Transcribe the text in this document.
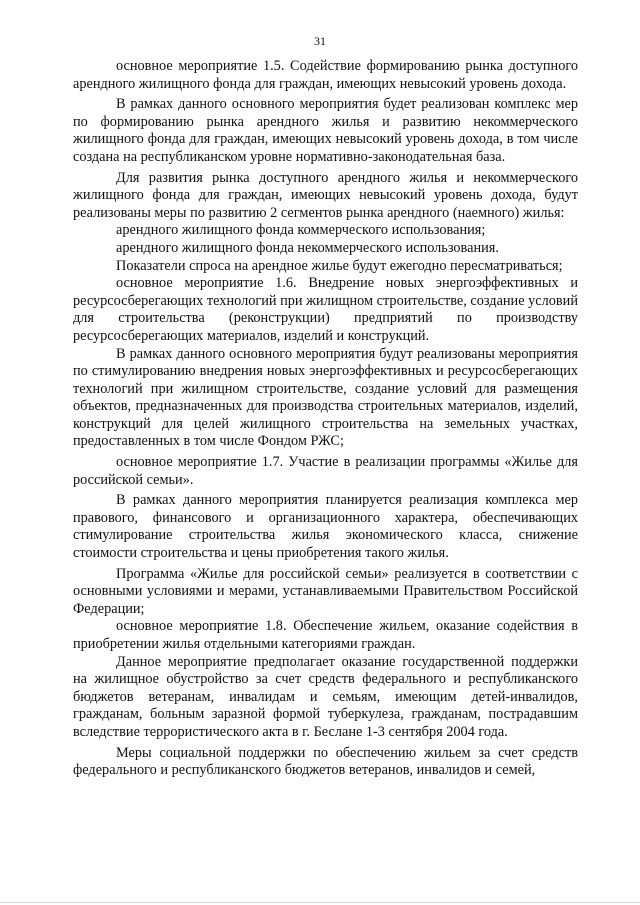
31

основное мероприятие 1.5. Содействие формированию рынка доступного арендного жилищного фонда для граждан, имеющих невысокий уровень дохода.

В рамках данного основного мероприятия будет реализован комплекс мер по формированию рынка арендного жилья и развитию некоммерческого жилищного фонда для граждан, имеющих невысокий уровень дохода, в том числе создана на республиканском уровне нормативно-законодательная база.

Для развития рынка доступного арендного жилья и некоммерческого жилищного фонда для граждан, имеющих невысокий уровень дохода, будут реализованы меры по развитию 2 сегментов рынка арендного (наемного) жилья:

арендного жилищного фонда коммерческого использования;

арендного жилищного фонда некоммерческого использования.

Показатели спроса на арендное жилье будут ежегодно пересматриваться;

основное мероприятие 1.6. Внедрение новых энергоэффективных и ресурсосберегающих технологий при жилищном строительстве, создание условий для строительства (реконструкции) предприятий по производству ресурсосберегающих материалов, изделий и конструкций.

В рамках данного основного мероприятия будут реализованы мероприятия по стимулированию внедрения новых энергоэффективных и ресурсосберегающих технологий при жилищном строительстве, создание условий для размещения объектов, предназначенных для производства строительных материалов, изделий, конструкций для целей жилищного строительства на земельных участках, предоставленных в том числе Фондом РЖС;

основное мероприятие 1.7. Участие в реализации программы «Жилье для российской семьи».

В рамках данного мероприятия планируется реализация комплекса мер правового, финансового и организационного характера, обеспечивающих стимулирование строительства жилья экономического класса, снижение стоимости строительства и цены приобретения такого жилья.

Программа «Жилье для российской семьи» реализуется в соответствии с основными условиями и мерами, устанавливаемыми Правительством Российской Федерации;

основное мероприятие 1.8. Обеспечение жильем, оказание содействия в приобретении жилья отдельными категориями граждан.

Данное мероприятие предполагает оказание государственной поддержки на жилищное обустройство за счет средств федерального и республиканского бюджетов ветеранам, инвалидам и семьям, имеющим детей-инвалидов, гражданам, больным заразной формой туберкулеза, гражданам, пострадавшим вследствие террористического акта в г. Беслане 1-3 сентября 2004 года.

Меры социальной поддержки по обеспечению жильем за счет средств федерального и республиканского бюджетов ветеранов, инвалидов и семей,
